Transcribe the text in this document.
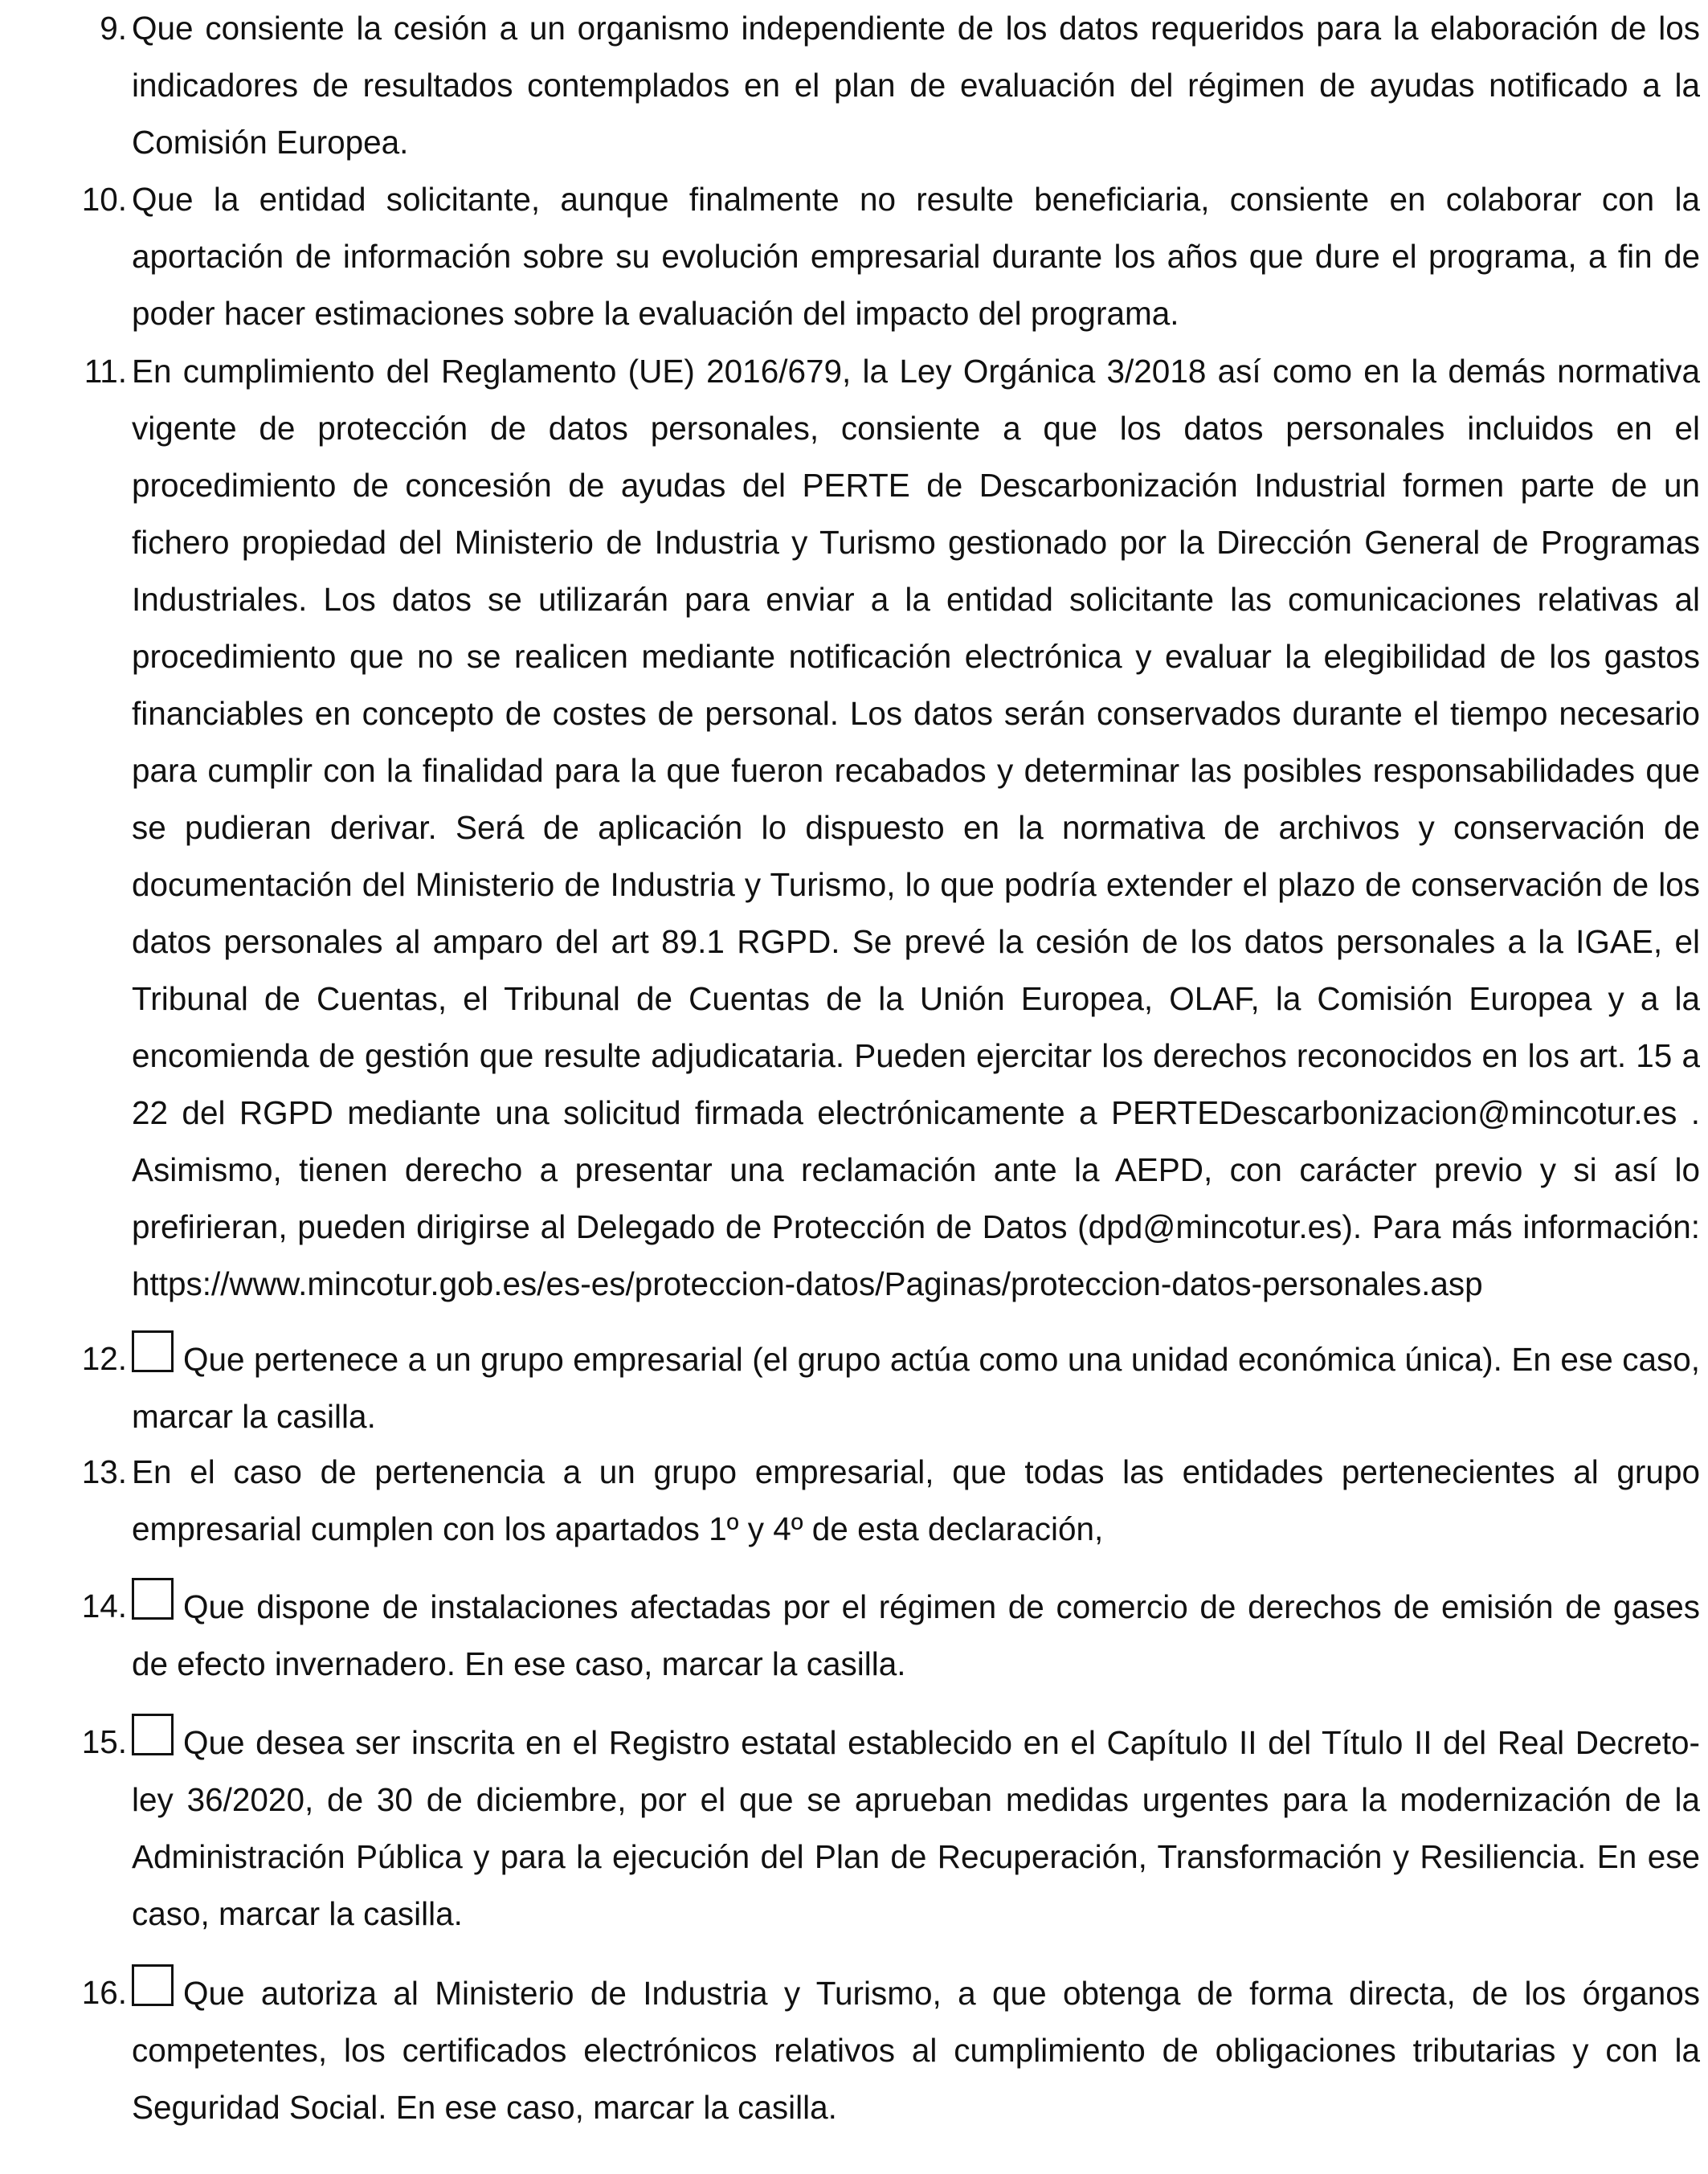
9. Que consiente la cesión a un organismo independiente de los datos requeridos para la elaboración de los indicadores de resultados contemplados en el plan de evaluación del régimen de ayudas notificado a la Comisión Europea.
10. Que la entidad solicitante, aunque finalmente no resulte beneficiaria, consiente en colaborar con la aportación de información sobre su evolución empresarial durante los años que dure el programa, a fin de poder hacer estimaciones sobre la evaluación del impacto del programa.
11. En cumplimiento del Reglamento (UE) 2016/679, la Ley Orgánica 3/2018 así como en la demás normativa vigente de protección de datos personales, consiente a que los datos personales incluidos en el procedimiento de concesión de ayudas del PERTE de Descarbonización Industrial formen parte de un fichero propiedad del Ministerio de Industria y Turismo gestionado por la Dirección General de Programas Industriales. Los datos se utilizarán para enviar a la entidad solicitante las comunicaciones relativas al procedimiento que no se realicen mediante notificación electrónica y evaluar la elegibilidad de los gastos financiables en concepto de costes de personal. Los datos serán conservados durante el tiempo necesario para cumplir con la finalidad para la que fueron recabados y determinar las posibles responsabilidades que se pudieran derivar. Será de aplicación lo dispuesto en la normativa de archivos y conservación de documentación del Ministerio de Industria y Turismo, lo que podría extender el plazo de conservación de los datos personales al amparo del art 89.1 RGPD. Se prevé la cesión de los datos personales a la IGAE, el Tribunal de Cuentas, el Tribunal de Cuentas de la Unión Europea, OLAF, la Comisión Europea y a la encomienda de gestión que resulte adjudicataria. Pueden ejercitar los derechos reconocidos en los art. 15 a 22 del RGPD mediante una solicitud firmada electrónicamente a PERTEDescarbonizacion@mincotur.es . Asimismo, tienen derecho a presentar una reclamación ante la AEPD, con carácter previo y si así lo prefirieran, pueden dirigirse al Delegado de Protección de Datos (dpd@mincotur.es). Para más información: https://www.mincotur.gob.es/es-es/proteccion-datos/Paginas/proteccion-datos-personales.asp
12.	Que pertenece a un grupo empresarial (el grupo actúa como una unidad económica única). En ese caso, marcar la casilla.
13. En el caso de pertenencia a un grupo empresarial, que todas las entidades pertenecientes al grupo empresarial cumplen con los apartados 1º y 4º de esta declaración,
14.	Que dispone de instalaciones afectadas por el régimen de comercio de derechos de emisión de gases de efecto invernadero. En ese caso, marcar la casilla.
15.	Que desea ser inscrita en el Registro estatal establecido en el Capítulo II del Título II del Real Decreto-ley 36/2020, de 30 de diciembre, por el que se aprueban medidas urgentes para la modernización de la Administración Pública y para la ejecución del Plan de Recuperación, Transformación y Resiliencia. En ese caso, marcar la casilla.
16.	Que autoriza al Ministerio de Industria y Turismo, a que obtenga de forma directa, de los órganos competentes, los certificados electrónicos relativos al cumplimiento de obligaciones tributarias y con la Seguridad Social. En ese caso, marcar la casilla.
